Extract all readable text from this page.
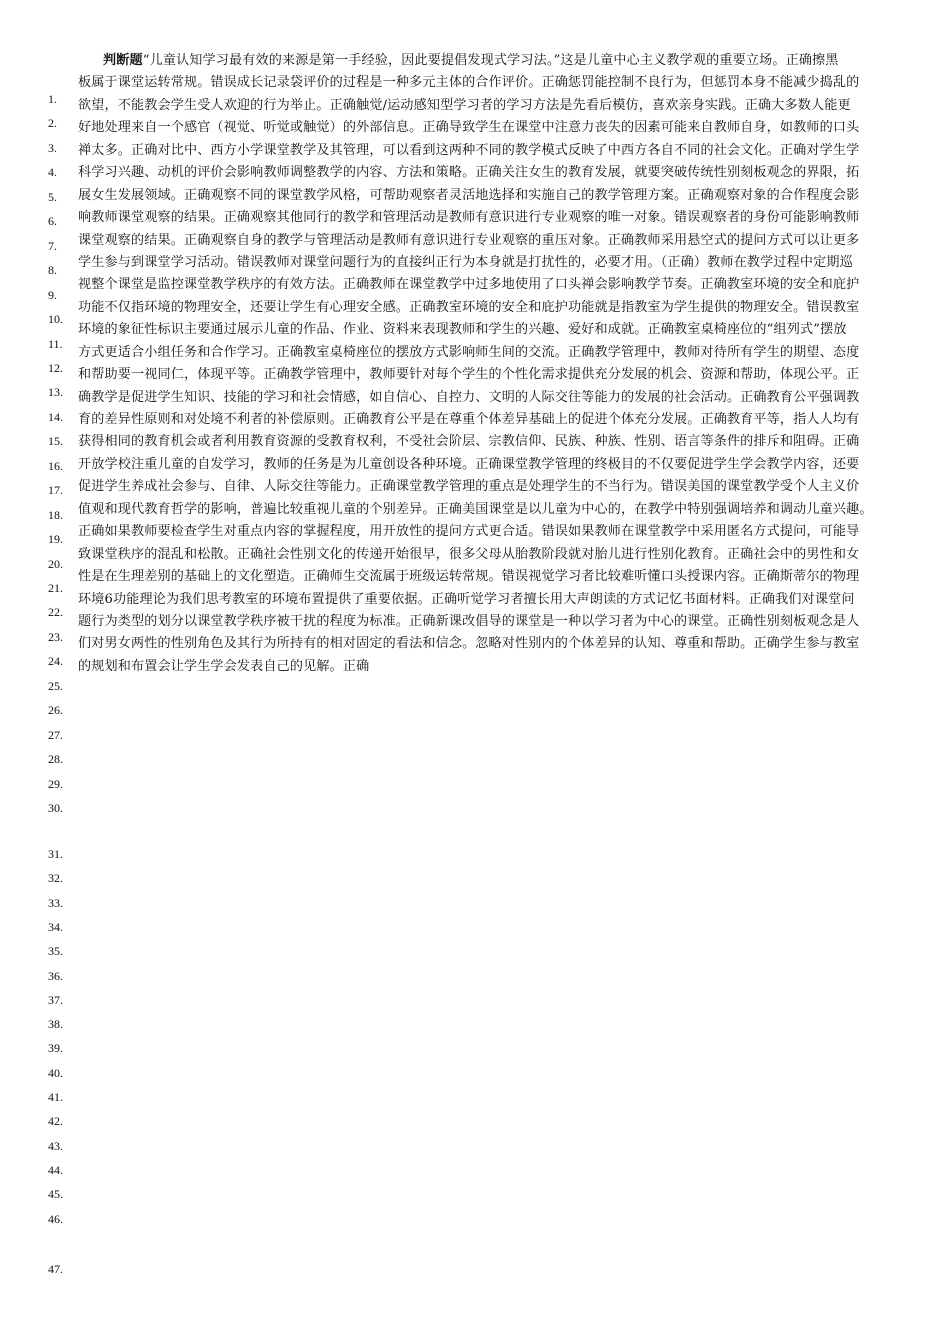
1.
2.
3.
4.
5.
6.
7.
8.
9.
10.
11.
12.
13.
14.
15.
16.
17.
18.
19.
20.
21.
22.
23.
24.
25.
26.
27.
28.
29.
30.
31.
32.
33.
34.
35.
36.
37.
38.
39.
40.
41.
42.
43.
44.
45.
46.
47.
判断题“儿童认知学习最有效的来源是第一手经验，因此要提倡发现式学习法。”这是儿童中心主义教学观的重要立场。正确擦黑
板属于课堂运转常规。错误成长记录袋评价的过程是一种多元主体的合作评价。正确惩罚能控制不良行为，但惩罚本身不能减少捣乱的
欲望，不能教会学生受人欢迎的行为举止。正确触觉/运动感知型学习者的学习方法是先看后模仿，喜欢亲身实践。正确大多数人能更
好地处理来自一个感官（视觉、听觉或触觉）的外部信息。正确导致学生在课堂中注意力丧失的因素可能来自教师自身，如教师的口头
禅太多。正确对比中、西方小学课堂教学及其管理，可以看到这两种不同的教学模式反映了中西方各自不同的社会文化。正确对学生学
科学习兴趣、动机的评价会影响教师调整教学的内容、方法和策略。正确关注女生的教育发展，就要突破传统性别刻板观念的界限，拓
展女生发展领域。正确观察不同的课堂教学风格，可帮助观察者灵活地选择和实施自己的教学管理方案。正确观察对象的合作程度会影
响教师课堂观察的结果。正确观察其他同行的教学和管理活动是教师有意识进行专业观察的唯一对象。错误观察者的身份可能影响教师
课堂观察的结果。正确观察自身的教学与管理活动是教师有意识进行专业观察的重压对象。正确教师采用悬空式的提问方式可以让更多
学生参与到课堂学习活动。错误教师对课堂问题行为的直接纠正行为本身就是打扰性的，必要才用。（正确）教师在教学过程中定期巡
视整个课堂是监控课堂教学秩序的有效方法。正确教师在课堂教学中过多地使用了口头禅会影响教学节奏。正确教室环境的安全和庇护
功能不仅指环境的物理安全，还要让学生有心理安全感。正确教室环境的安全和庇护功能就是指教室为学生提供的物理安全。错误教室
环境的象征性标识主要通过展示儿童的作品、作业、资料来表现教师和学生的兴趣、爱好和成就。正确教室桌椅座位的“组列式”摆放
方式更适合小组任务和合作学习。正确教室桌椅座位的摆放方式影响师生间的交流。正确教学管理中，教师对待所有学生的期望、态度
和帮助要一视同仁，体现平等。正确教学管理中，教师要针对每个学生的个性化需求提供充分发展的机会、资源和帮助，体现公平。正
确教学是促进学生知识、技能的学习和社会情感，如自信心、自控力、文明的人际交往等能力的发展的社会活动。正确教育公平强调教
育的差异性原则和对处境不利者的补偿原则。正确教育公平是在尊重个体差异基础上的促进个体充分发展。正确教育平等，指人人均有
获得相同的教育机会或者利用教育资源的受教育权利，不受社会阶层、宗教信仰、民族、种族、性别、语言等条件的排斥和阻碍。正确
开放学校注重儿童的自发学习，教师的任务是为儿童创设各种环境。正确课堂教学管理的终极目的不仅要促进学生学会教学内容，还要
促进学生养成社会参与、自律、人际交往等能力。正确课堂教学管理的重点是处理学生的不当行为。错误美国的课堂教学受个人主义价
值观和现代教育哲学的影响，普遍比较重视儿童的个别差异。正确美国课堂是以儿童为中心的，在教学中特别强调培养和调动儿童兴趣。
正确如果教师要检查学生对重点内容的掌握程度，用开放性的提问方式更合适。错误如果教师在课堂教学中采用匿名方式提问，可能导
致课堂秩序的混乱和松散。正确社会性别文化的传递开始很早，很多父母从胎教阶段就对胎儿进行性别化教育。正确社会中的男性和女
性是在生理差别的基础上的文化塑造。正确师生交流属于班级运转常规。错误视觉学习者比较难听懂口头授课内容。正确斯蒂尔的物理
环境6功能理论为我们思考教室的环境布置提供了重要依据。正确听觉学习者擅长用大声朗读的方式记忆书面材料。正确我们对课堂问
题行为类型的划分以课堂教学秩序被干扰的程度为标准。正确新课改倡导的课堂是一种以学习者为中心的课堂。正确性别刻板观念是人
们对男女两性的性别角色及其行为所持有的相对固定的看法和信念。忽略对性别内的个体差异的认知、尊重和帮助。正确学生参与教室
的规划和布置会让学生学会发表自己的见解。正确
